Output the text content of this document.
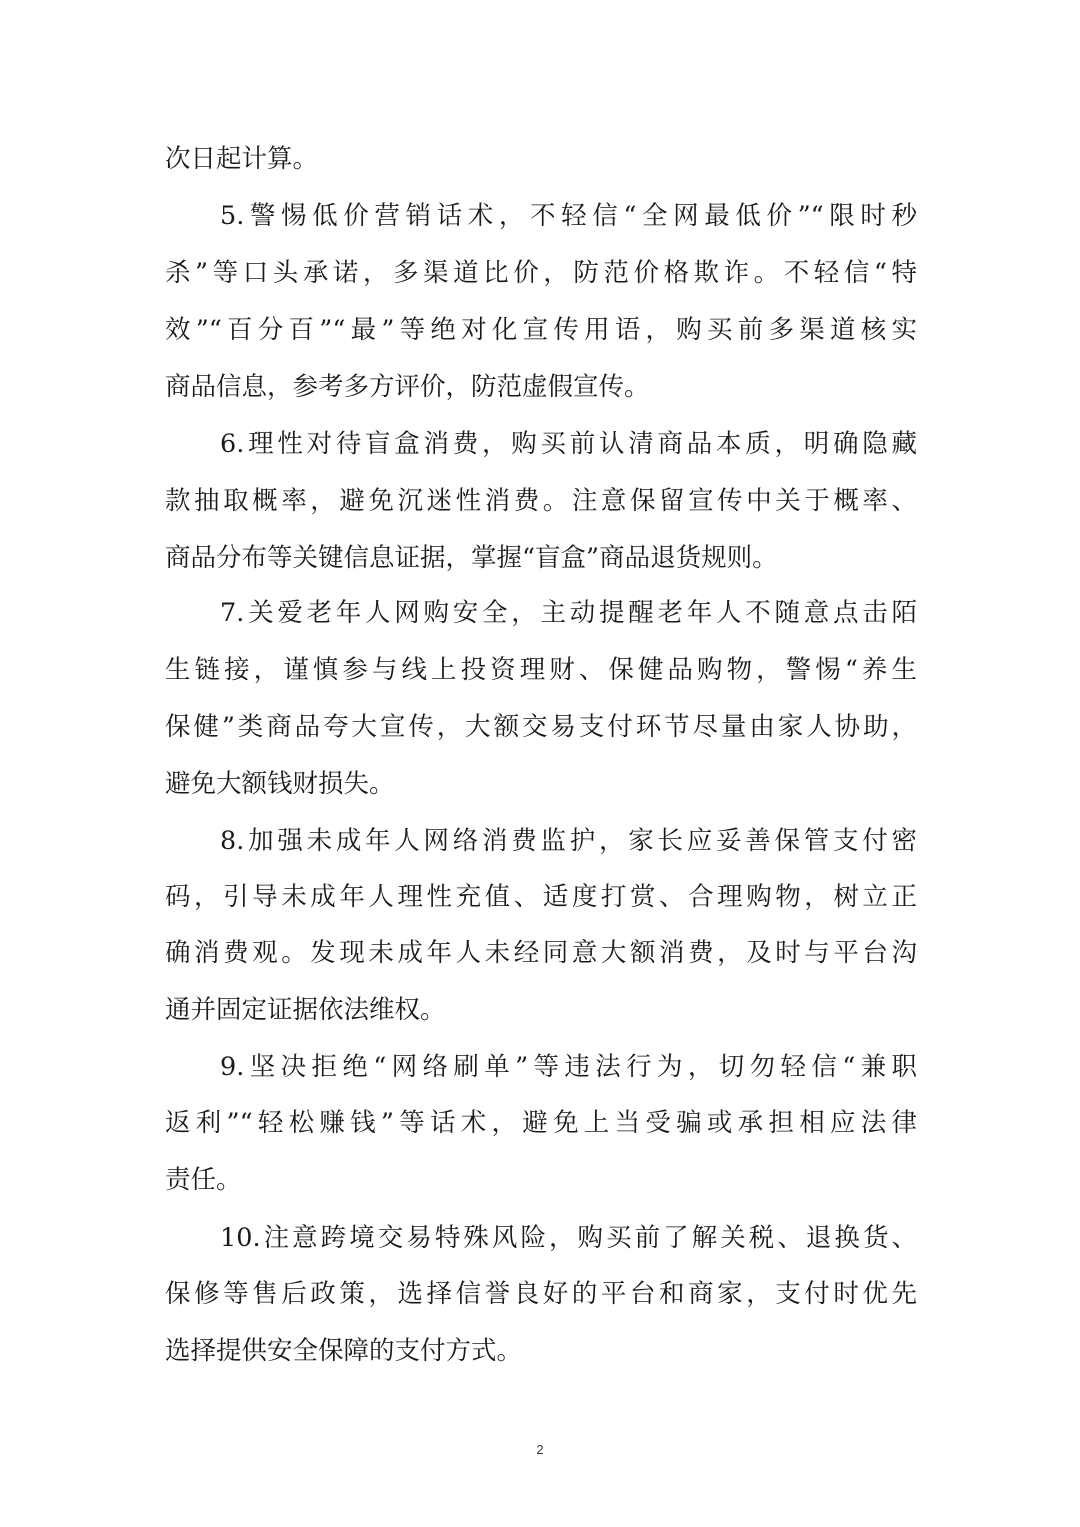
次日起计算。
5.警惕低价营销话术，不轻信“全网最低价”“限时秒
杀”等口头承诺，多渠道比价，防范价格欺诈。不轻信“特
效”“百分百”“最”等绝对化宣传用语，购买前多渠道核实
商品信息，参考多方评价，防范虚假宣传。
6.理性对待盲盒消费，购买前认清商品本质，明确隐藏
款抽取概率，避免沉迷性消费。注意保留宣传中关于概率、
商品分布等关键信息证据，掌握“盲盒”商品退货规则。
7.关爱老年人网购安全，主动提醒老年人不随意点击陌
生链接，谨慎参与线上投资理财、保健品购物，警惕“养生
保健”类商品夸大宣传，大额交易支付环节尽量由家人协助，
避免大额钱财损失。
8.加强未成年人网络消费监护，家长应妥善保管支付密
码，引导未成年人理性充值、适度打赏、合理购物，树立正
确消费观。发现未成年人未经同意大额消费，及时与平台沟
通并固定证据依法维权。
9.坚决拒绝“网络刷单”等违法行为，切勿轻信“兼职
返利”“轻松赚钱”等话术，避免上当受骗或承担相应法律
责任。
10.注意跨境交易特殊风险，购买前了解关税、退换货、
保修等售后政策，选择信誉良好的平台和商家，支付时优先
选择提供安全保障的支付方式。
2
